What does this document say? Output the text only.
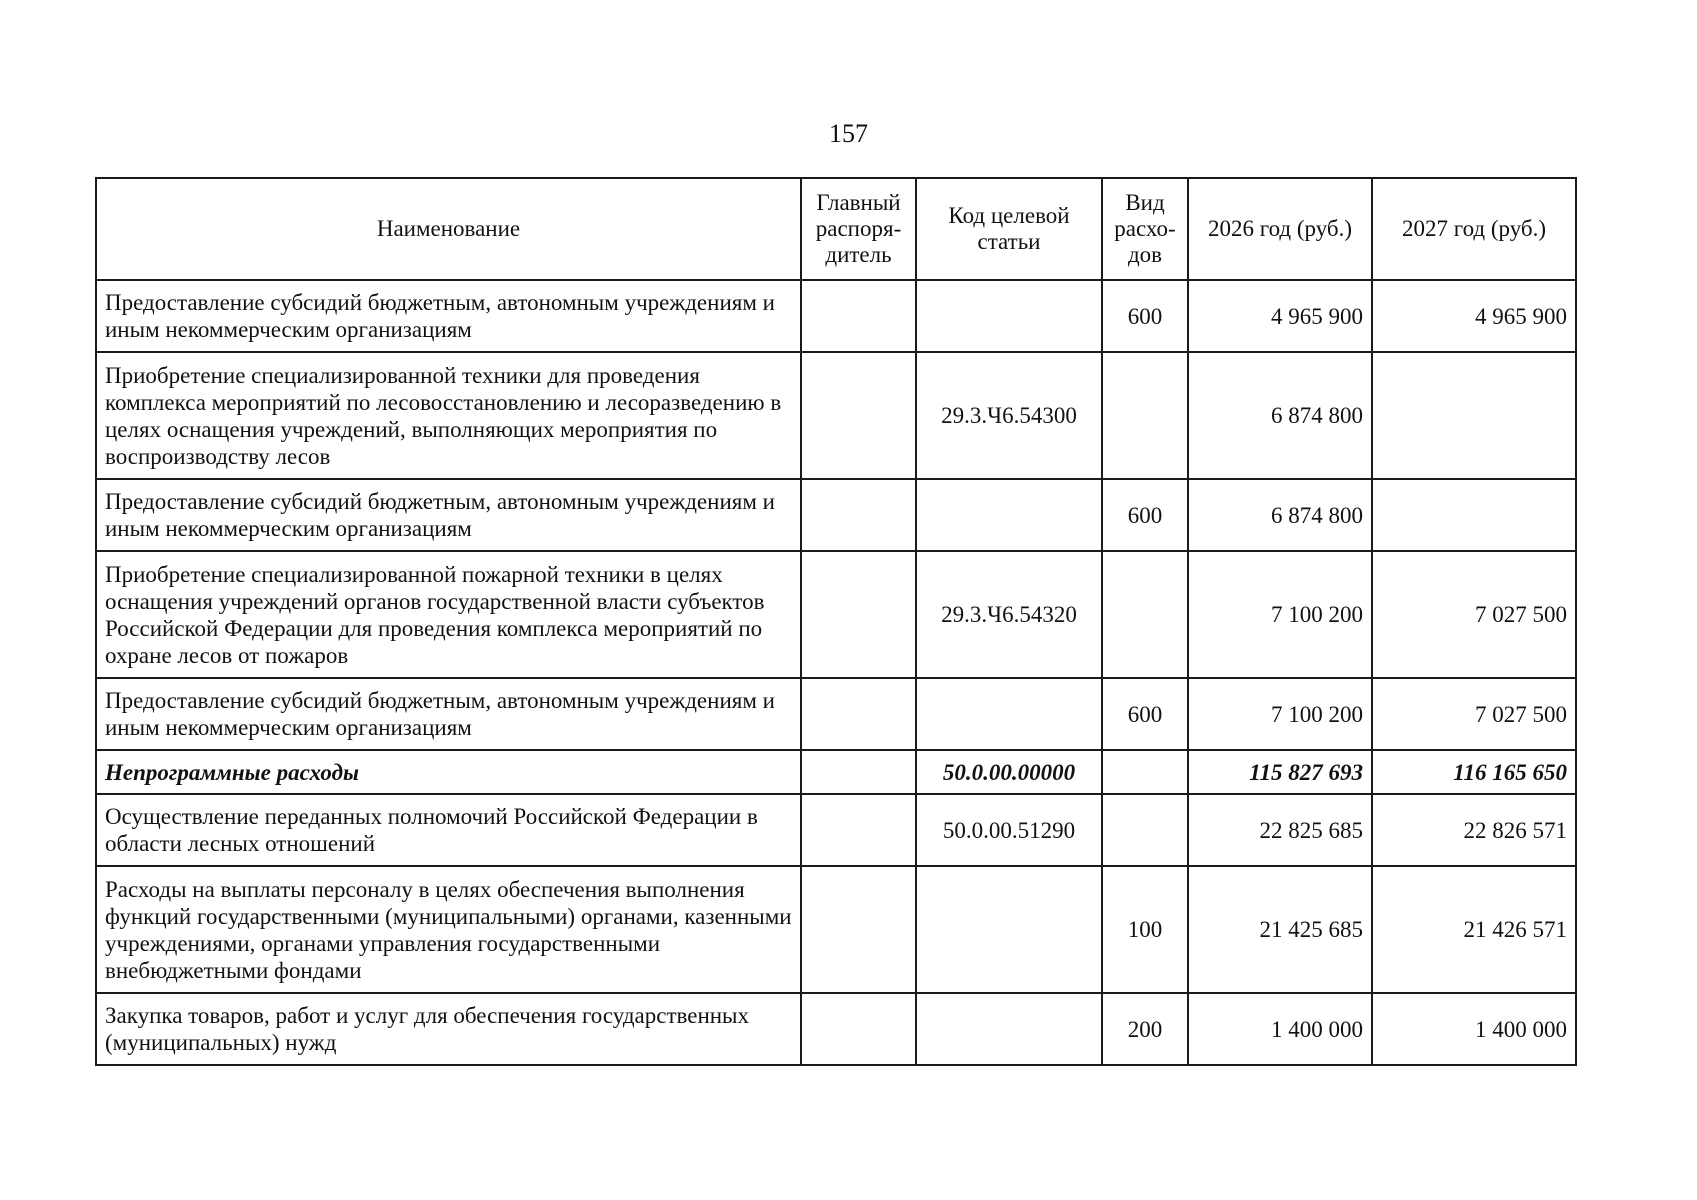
157
Наименование	Главный распоря-дитель	Код целевой статьи	Вид расхо-дов	2026 год (руб.)	2027 год (руб.)
Предоставление субсидий бюджетным, автономным учреждениям и иным некоммерческим организациям			600	4 965 900	4 965 900
Приобретение специализированной техники для проведения комплекса мероприятий по лесовосстановлению и лесоразведению в целях оснащения учреждений, выполняющих мероприятия по воспроизводству лесов		29.3.Ч6.54300		6 874 800	
Предоставление субсидий бюджетным, автономным учреждениям и иным некоммерческим организациям			600	6 874 800	
Приобретение специализированной пожарной техники в целях оснащения учреждений органов государственной власти субъектов Российской Федерации для проведения комплекса мероприятий по охране лесов от пожаров		29.3.Ч6.54320		7 100 200	7 027 500
Предоставление субсидий бюджетным, автономным учреждениям и иным некоммерческим организациям			600	7 100 200	7 027 500
Непрограммные расходы		50.0.00.00000		115 827 693	116 165 650
Осуществление переданных полномочий Российской Федерации в области лесных отношений		50.0.00.51290		22 825 685	22 826 571
Расходы на выплаты персоналу в целях обеспечения выполнения функций государственными (муниципальными) органами, казенными учреждениями, органами управления государственными внебюджетными фондами			100	21 425 685	21 426 571
Закупка товаров, работ и услуг для обеспечения государственных (муниципальных) нужд			200	1 400 000	1 400 000
